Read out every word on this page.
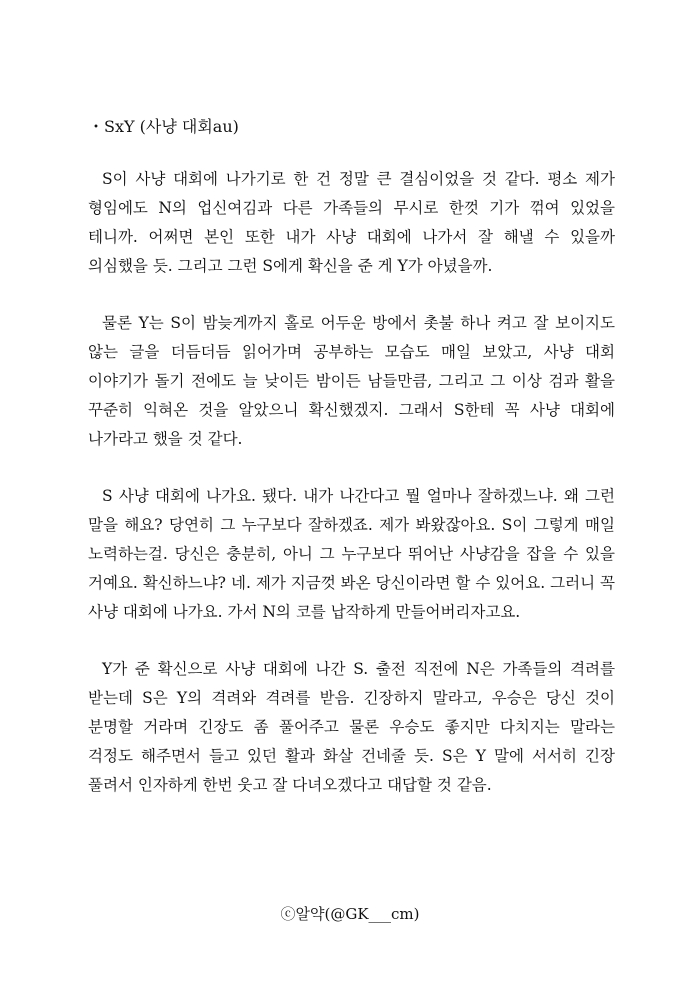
・SxY (사냥 대회au)

S이 사냥 대회에 나가기로 한 건 정말 큰 결심이었을 것 같다. 평소 제가 형임에도 N의 업신여김과 다른 가족들의 무시로 한껏 기가 꺾여 있었을 테니까. 어쩌면 본인 또한 내가 사냥 대회에 나가서 잘 해낼 수 있을까 의심했을 듯. 그리고 그런 S에게 확신을 준 게 Y가 아녔을까.

물론 Y는 S이 밤늦게까지 홀로 어두운 방에서 촛불 하나 켜고 잘 보이지도 않는 글을 더듬더듬 읽어가며 공부하는 모습도 매일 보았고, 사냥 대회 이야기가 돌기 전에도 늘 낮이든 밤이든 남들만큼, 그리고 그 이상 검과 활을 꾸준히 익혀온 것을 알았으니 확신했겠지. 그래서 S한테 꼭 사냥 대회에 나가라고 했을 것 같다.

S 사냥 대회에 나가요. 됐다. 내가 나간다고 뭘 얼마나 잘하겠느냐. 왜 그런 말을 해요? 당연히 그 누구보다 잘하겠죠. 제가 봐왔잖아요. S이 그렇게 매일 노력하는걸. 당신은 충분히, 아니 그 누구보다 뛰어난 사냥감을 잡을 수 있을 거예요. 확신하느냐? 네. 제가 지금껏 봐온 당신이라면 할 수 있어요. 그러니 꼭 사냥 대회에 나가요. 가서 N의 코를 납작하게 만들어버리자고요.

Y가 준 확신으로 사냥 대회에 나간 S. 출전 직전에 N은 가족들의 격려를 받는데 S은 Y의 격려와 격려를 받음. 긴장하지 말라고, 우승은 당신 것이 분명할 거라며 긴장도 좀 풀어주고 물론 우승도 좋지만 다치지는 말라는 걱정도 해주면서 들고 있던 활과 화살 건네줄 듯. S은 Y 말에 서서히 긴장 풀려서 인자하게 한번 웃고 잘 다녀오겠다고 대답할 것 같음.

ⓒ알약(@GK___cm)
